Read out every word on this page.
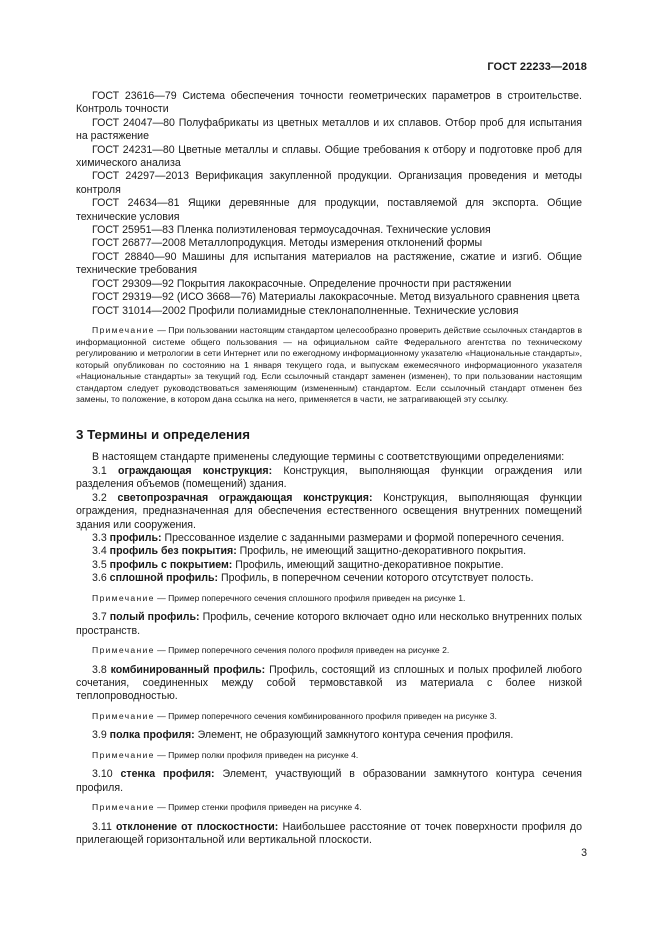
ГОСТ 22233—2018

ГОСТ 23616—79 Система обеспечения точности геометрических параметров в строительстве. Контроль точности

ГОСТ 24047—80 Полуфабрикаты из цветных металлов и их сплавов. Отбор проб для испытания на растяжение

ГОСТ 24231—80 Цветные металлы и сплавы. Общие требования к отбору и подготовке проб для химического анализа

ГОСТ 24297—2013 Верификация закупленной продукции. Организация проведения и методы контроля

ГОСТ 24634—81 Ящики деревянные для продукции, поставляемой для экспорта. Общие технические условия

ГОСТ 25951—83 Пленка полиэтиленовая термоусадочная. Технические условия

ГОСТ 26877—2008 Металлопродукция. Методы измерения отклонений формы

ГОСТ 28840—90 Машины для испытания материалов на растяжение, сжатие и изгиб. Общие технические требования

ГОСТ 29309—92 Покрытия лакокрасочные. Определение прочности при растяжении

ГОСТ 29319—92 (ИСО 3668—76) Материалы лакокрасочные. Метод визуального сравнения цвета

ГОСТ 31014—2002 Профили полиамидные стеклонаполненные. Технические условия

Примечание — При пользовании настоящим стандартом целесообразно проверить действие ссылочных стандартов в информационной системе общего пользования — на официальном сайте Федерального агентства по техническому регулированию и метрологии в сети Интернет или по ежегодному информационному указателю «Национальные стандарты», который опубликован по состоянию на 1 января текущего года, и выпускам ежемесячного информационного указателя «Национальные стандарты» за текущий год. Если ссылочный стандарт заменен (изменен), то при пользовании настоящим стандартом следует руководствоваться заменяющим (измененным) стандартом. Если ссылочный стандарт отменен без замены, то положение, в котором дана ссылка на него, применяется в части, не затрагивающей эту ссылку.

3 Термины и определения

В настоящем стандарте применены следующие термины с соответствующими определениями:

3.1 ограждающая конструкция: Конструкция, выполняющая функции ограждения или разделения объемов (помещений) здания.

3.2 светопрозрачная ограждающая конструкция: Конструкция, выполняющая функции ограждения, предназначенная для обеспечения естественного освещения внутренних помещений здания или сооружения.

3.3 профиль: Прессованное изделие с заданными размерами и формой поперечного сечения.

3.4 профиль без покрытия: Профиль, не имеющий защитно-декоративного покрытия.

3.5 профиль с покрытием: Профиль, имеющий защитно-декоративное покрытие.

3.6 сплошной профиль: Профиль, в поперечном сечении которого отсутствует полость.

Примечание — Пример поперечного сечения сплошного профиля приведен на рисунке 1.

3.7 полый профиль: Профиль, сечение которого включает одно или несколько внутренних полых пространств.

Примечание — Пример поперечного сечения полого профиля приведен на рисунке 2.

3.8 комбинированный профиль: Профиль, состоящий из сплошных и полых профилей любого сочетания, соединенных между собой термовставкой из материала с более низкой теплопроводностью.

Примечание — Пример поперечного сечения комбинированного профиля приведен на рисунке 3.

3.9 полка профиля: Элемент, не образующий замкнутого контура сечения профиля.

Примечание — Пример полки профиля приведен на рисунке 4.

3.10 стенка профиля: Элемент, участвующий в образовании замкнутого контура сечения профиля.

Примечание — Пример стенки профиля приведен на рисунке 4.

3.11 отклонение от плоскостности: Наибольшее расстояние от точек поверхности профиля до прилегающей горизонтальной или вертикальной плоскости.

3
